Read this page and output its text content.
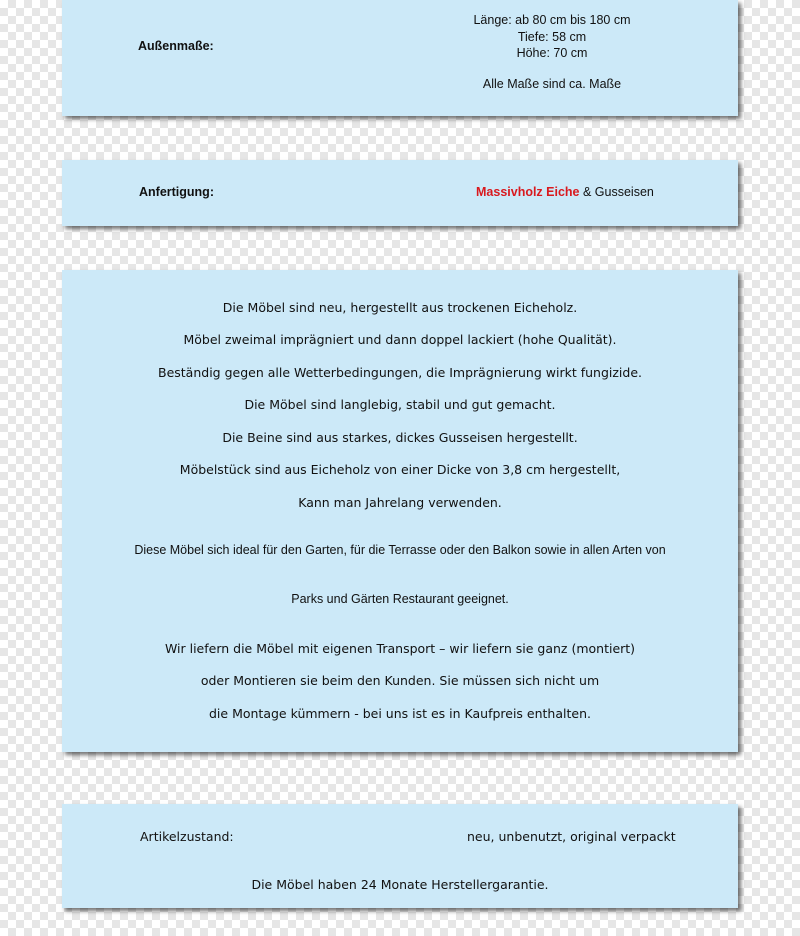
Außenmaße:
Länge: ab 80 cm bis 180 cm
Tiefe: 58 cm
Höhe: 70 cm
Alle Maße sind ca. Maße
Anfertigung:	Massivholz Eiche & Gusseisen
Die Möbel sind neu, hergestellt aus trockenen Eicheholz.
Möbel zweimal imprägniert und dann doppel lackiert (hohe Qualität).
Beständig gegen alle Wetterbedingungen, die Imprägnierung wirkt fungizide.
Die Möbel sind langlebig, stabil und gut gemacht.
Die Beine sind aus starkes, dickes Gusseisen hergestellt.
Möbelstück sind aus Eicheholz von einer Dicke von 3,8 cm hergestellt,
Kann man Jahrelang verwenden.
Diese Möbel sich ideal für den Garten, für die Terrasse oder den Balkon sowie in allen Arten von
Parks und Gärten Restaurant geeignet.
Wir liefern die Möbel mit eigenen Transport – wir liefern sie ganz (montiert)
oder Montieren sie beim den Kunden. Sie müssen sich nicht um
die Montage kümmern - bei uns ist es in Kaufpreis enthalten.
Artikelzustand:	neu, unbenutzt, original verpackt
Die Möbel haben 24 Monate Herstellergarantie.
